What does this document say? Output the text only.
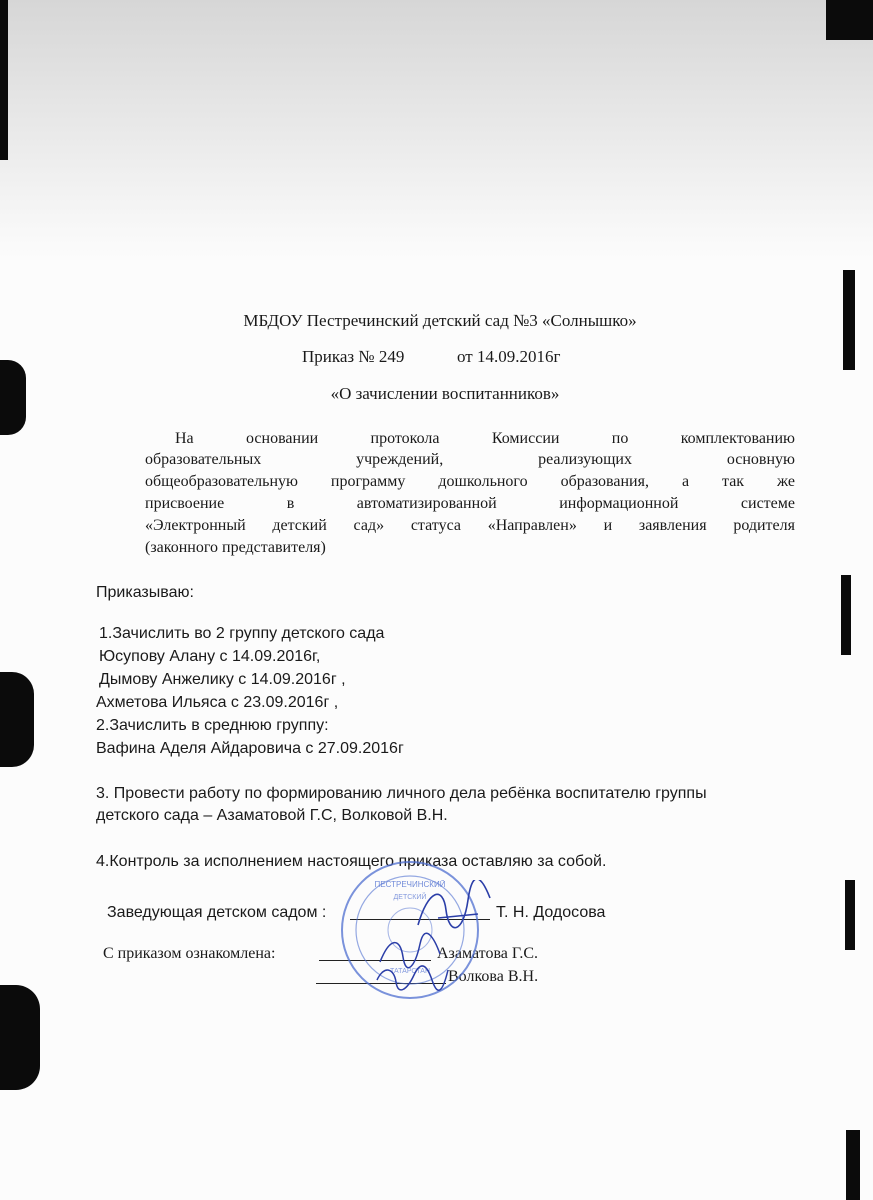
МБДОУ Пестречинский детский сад №3 «Солнышко»
Приказ № 249	от 14.09.2016г
«О зачислении воспитанников»
На основании протокола Комиссии по комплектованию
образовательных учреждений, реализующих основную
общеобразовательную программу дошкольного образования, а так же
присвоение в автоматизированной информационной системе
«Электронный детский сад» статуса «Направлен» и заявления родителя
(законного представителя)
Приказываю:
1.Зачислить во 2 группу детского сада
Юсупову Алану с 14.09.2016г,
Дымову Анжелику с 14.09.2016г ,
Ахметова Ильяса с 23.09.2016г ,
2.Зачислить в среднюю группу:
Вафина Аделя Айдаровича с 27.09.2016г
3. Провести работу по формированию личного дела ребёнка воспитателю группы
детского сада – Азаматовой Г.С, Волковой В.Н.
4.Контроль за исполнением настоящего приказа оставляю за собой.
Заведующая детском садом :	Т. Н. Додосова
С приказом ознакомлена:	Азаматова Г.С.
Волкова В.Н.
ПЕСТРЕЧИНСКИЙ
ДЕТСКИЙ
ТАТАРСТАН
